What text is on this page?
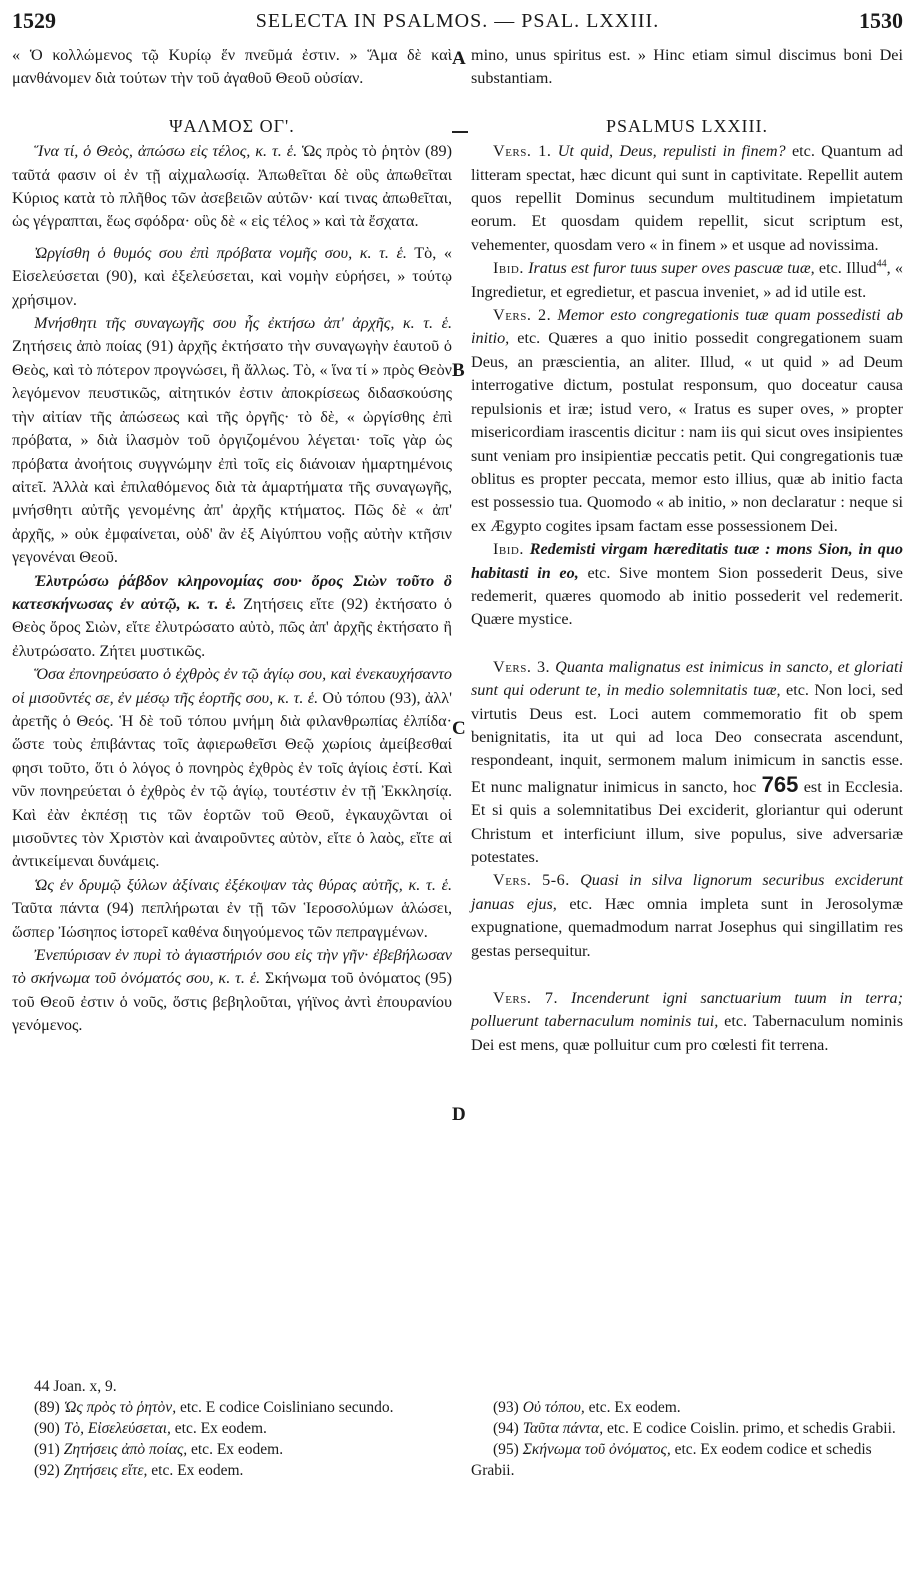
1529	SELECTA IN PSALMOS. — PSAL. LXXIII.	1530
A
B
C
D

« Ὁ κολλώμενος τῷ Κυρίῳ ἕν πνεῦμά ἐστιν. » Ἅμα δὲ καὶ μανθάνομεν διὰ τούτων τὴν τοῦ ἀγαθοῦ Θεοῦ οὐσίαν.

ΨΑΛΜΟΣ ΟΓ'.

Ἵνα τί, ὁ Θεὸς, ἀπώσω εἰς τέλος, κ. τ. ἑ. Ὡς πρὸς τὸ ῥητὸν (89) ταῦτά φασιν οἱ ἐν τῇ αἰχμαλωσίᾳ. Ἀπωθεῖται δὲ οὓς ἀπωθεῖται Κύριος κατὰ τὸ πλῆθος τῶν ἀσεβειῶν αὐτῶν· καί τινας ἀπωθεῖται, ὡς γέγραπται, ἕως σφόδρα· οὓς δὲ « εἰς τέλος » καὶ τὰ ἔσχατα.

Ὠργίσθη ὁ θυμός σου ἐπὶ πρόβατα νομῆς σου, κ. τ. ἑ. Τὸ, « Εἰσελεύσεται (90), καὶ ἐξελεύσεται, καὶ νομὴν εὑρήσει, » τούτῳ χρήσιμον.

Μνήσθητι τῆς συναγωγῆς σου ἧς ἐκτήσω ἀπ' ἀρχῆς, κ. τ. ἑ. Ζητήσεις ἀπὸ ποίας (91) ἀρχῆς ἐκτήσατο τὴν συναγωγὴν ἑαυτοῦ ὁ Θεὸς, καὶ τὸ πότερον προγνώσει, ἢ ἄλλως. Τὸ, « ἵνα τί » πρὸς Θεὸν λεγόμενον πευστικῶς, αἰτητικόν ἐστιν ἀποκρίσεως διδασκούσης τὴν αἰτίαν τῆς ἀπώσεως καὶ τῆς ὀργῆς· τὸ δὲ, « ὠργίσθης ἐπὶ πρόβατα, » διὰ ἱλασμὸν τοῦ ὀργιζομένου λέγεται· τοῖς γὰρ ὡς πρόβατα ἀνοήτοις συγγνώμην ἐπὶ τοῖς εἰς διάνοιαν ἡμαρτημένοις αἰτεῖ. Ἀλλὰ καὶ ἐπιλαθόμενος διὰ τὰ ἁμαρτήματα τῆς συναγωγῆς, μνήσθητι αὐτῆς γενομένης ἀπ' ἀρχῆς κτήματος. Πῶς δὲ « ἀπ' ἀρχῆς, » οὐκ ἐμφαίνεται, οὐδ' ἂν ἐξ Αἰγύπτου νοῇς αὐτὴν κτῆσιν γεγονέναι Θεοῦ.

Ἐλυτρώσω ῥάβδον κληρονομίας σου· ὄρος Σιὼν τοῦτο ὃ κατεσκήνωσας ἐν αὐτῷ, κ. τ. ἑ. Ζητήσεις εἴτε (92) ἐκτήσατο ὁ Θεὸς ὄρος Σιὼν, εἴτε ἐλυτρώσατο αὐτὸ, πῶς ἀπ' ἀρχῆς ἐκτήσατο ἢ ἐλυτρώσατο. Ζήτει μυστικῶς.

Ὅσα ἐπονηρεύσατο ὁ ἐχθρὸς ἐν τῷ ἁγίῳ σου, καὶ ἐνεκαυχήσαντο οἱ μισοῦντές σε, ἐν μέσῳ τῆς ἑορτῆς σου, κ. τ. ἑ. Οὐ τόπου (93), ἀλλ' ἀρετῆς ὁ Θεός. Ἡ δὲ τοῦ τόπου μνήμη διὰ φιλανθρωπίας ἐλπίδα· ὥστε τοὺς ἐπιβάντας τοῖς ἀφιερωθεῖσι Θεῷ χωρίοις ἀμείβεσθαί φησι τοῦτο, ὅτι ὁ λόγος ὁ πονηρὸς ἐχθρὸς ἐν τοῖς ἁγίοις ἐστί. Καὶ νῦν πονηρεύεται ὁ ἐχθρὸς ἐν τῷ ἁγίῳ, τουτέστιν ἐν τῇ Ἐκκλησίᾳ. Καὶ ἐὰν ἐκπέσῃ τις τῶν ἑορτῶν τοῦ Θεοῦ, ἐγκαυχῶνται οἱ μισοῦντες τὸν Χριστὸν καὶ ἀναιροῦντες αὐτὸν, εἴτε ὁ λαὸς, εἴτε αἱ ἀντικείμεναι δυνάμεις.

Ὡς ἐν δρυμῷ ξύλων ἀξίναις ἐξέκοψαν τὰς θύρας αὐτῆς, κ. τ. ἑ. Ταῦτα πάντα (94) πεπλήρωται ἐν τῇ τῶν Ἱεροσολύμων ἁλώσει, ὥσπερ Ἰώσηπος ἱστορεῖ καθένα διηγούμενος τῶν πεπραγμένων.

Ἐνεπύρισαν ἐν πυρὶ τὸ ἁγιαστήριόν σου εἰς τὴν γῆν· ἐβεβήλωσαν τὸ σκήνωμα τοῦ ὀνόματός σου, κ. τ. ἑ. Σκήνωμα τοῦ ὀνόματος (95) τοῦ Θεοῦ ἐστιν ὁ νοῦς, ὅστις βεβηλοῦται, γήϊνος ἀντὶ ἐπουρανίου γενόμενος.

mino, unus spiritus est. » Hinc etiam simul discimus boni Dei substantiam.

PSALMUS LXXIII.

Vers. 1. Ut quid, Deus, repulisti in finem? etc. Quantum ad litteram spectat, hæc dicunt qui sunt in captivitate. Repellit autem quos repellit Dominus secundum multitudinem impietatum eorum. Et quosdam quidem repellit, sicut scriptum est, vehementer, quosdam vero « in finem » et usque ad novissima.

Ibid. Iratus est furor tuus super oves pascuæ tuæ, etc. Illud$^{44}$, « Ingredietur, et egredietur, et pascua inveniet, » ad id utile est.

Vers. 2. Memor esto congregationis tuæ quam possedisti ab initio, etc. Quæres a quo initio possedit congregationem suam Deus, an præscientia, an aliter. Illud, « ut quid » ad Deum interrogative dictum, postulat responsum, quo doceatur causa repulsionis et iræ; istud vero, « Iratus es super oves, » propter misericordiam irascentis dicitur : nam iis qui sicut oves insipientes sunt veniam pro insipientiæ peccatis petit. Qui congregationis tuæ oblitus es propter peccata, memor esto illius, quæ ab initio facta est possessio tua. Quomodo « ab initio, » non declaratur : neque si ex Ægypto cogites ipsam factam esse possessionem Dei.

Ibid. Redemisti virgam hæreditatis tuæ : mons Sion, in quo habitasti in eo, etc. Sive montem Sion possederit Deus, sive redemerit, quæres quomodo ab initio possederit vel redemerit. Quære mystice.

Vers. 3. Quanta malignatus est inimicus in sancto, et gloriati sunt qui oderunt te, in medio solemnitatis tuæ, etc. Non loci, sed virtutis Deus est. Loci autem commemoratio fit ob spem benignitatis, ita ut qui ad loca Deo consecrata ascendunt, respondeant, inquit, sermonem malum inimicum in sanctis esse. Et nunc malignatur inimicus in sancto, hoc 765 est in Ecclesia. Et si quis a solemnitatibus Dei exciderit, gloriantur qui oderunt Christum et interficiunt illum, sive populus, sive adversariæ potestates.

Vers. 5-6. Quasi in silva lignorum securibus exciderunt januas ejus, etc. Hæc omnia impleta sunt in Jerosolymæ expugnatione, quemadmodum narrat Josephus qui singillatim res gestas persequitur.

Vers. 7. Incenderunt igni sanctuarium tuum in terra; polluerunt tabernaculum nominis tui, etc. Tabernaculum nominis Dei est mens, quæ polluitur cum pro cœlesti fit terrena.

44 Joan. x, 9.

(89) Ὡς πρὸς τὸ ῥητὸν, etc. E codice Coisliniano secundo.

(90) Τὸ, Εἰσελεύσεται, etc. Ex eodem.

(91) Ζητήσεις ἀπὸ ποίας, etc. Ex eodem.

(92) Ζητήσεις εἴτε, etc. Ex eodem.

(93) Οὐ τόπου, etc. Ex eodem.

(94) Ταῦτα πάντα, etc. E codice Coislin. primo, et schedis Grabii.

(95) Σκήνωμα τοῦ ὀνόματος, etc. Ex eodem codice et schedis Grabii.
